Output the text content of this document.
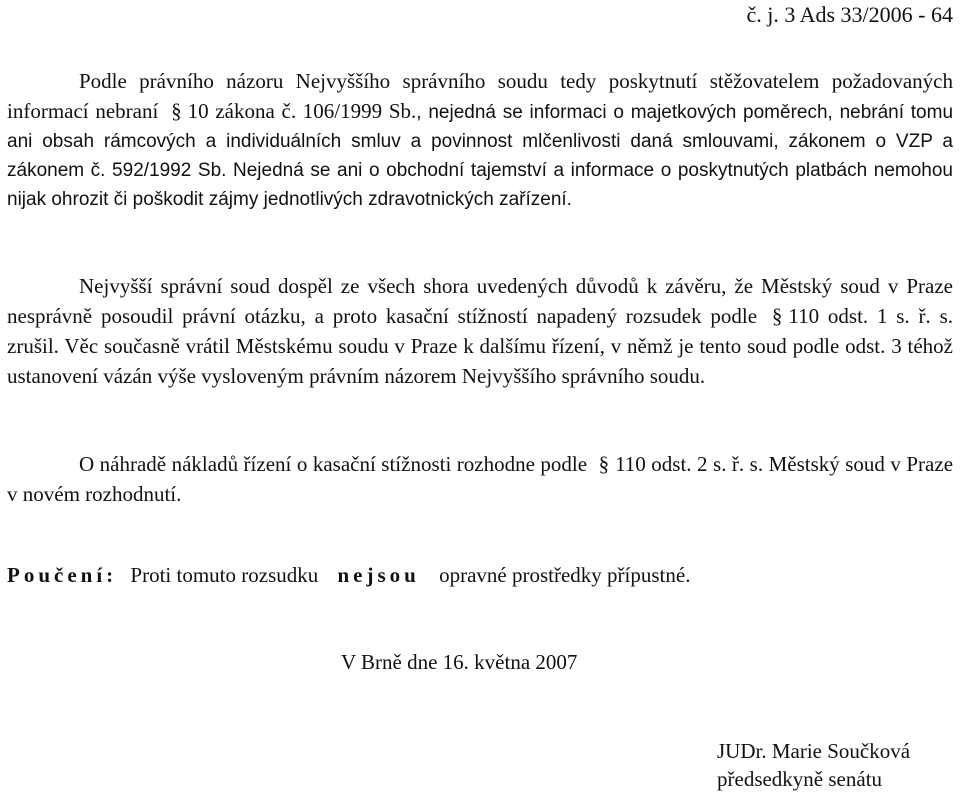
č. j. 3 Ads 33/2006 - 64

Podle právního názoru Nejvyššího správního soudu tedy poskytnutí stěžovatelem požadovaných informací nebraní § 10 zákona č. 106/1999 Sb., nejedná se informaci o majetkových poměrech, nebrání tomu ani obsah rámcových a individuálních smluv a povinnost mlčenlivosti daná smlouvami, zákonem o VZP a zákonem č. 592/1992 Sb. Nejedná se ani o obchodní tajemství a informace o poskytnutých platbách nemohou nijak ohrozit či poškodit zájmy jednotlivých zdravotnických zařízení.

Nejvyšší správní soud dospěl ze všech shora uvedených důvodů k závěru, že Městský soud v Praze nesprávně posoudil právní otázku, a proto kasační stížností napadený rozsudek podle § 110 odst. 1 s. ř. s. zrušil. Věc současně vrátil Městskému soudu v Praze k dalšímu řízení, v němž je tento soud podle odst. 3 téhož ustanovení vázán výše vysloveným právním názorem Nejvyššího správního soudu.

O náhradě nákladů řízení o kasační stížnosti rozhodne podle § 110 odst. 2 s. ř. s. Městský soud v Praze v novém rozhodnutí.

Poučení: Proti tomuto rozsudku nejsou opravné prostředky přípustné.
V Brně dne 16. května 2007
JUDr. Marie Součková
předsedkyně senátu
